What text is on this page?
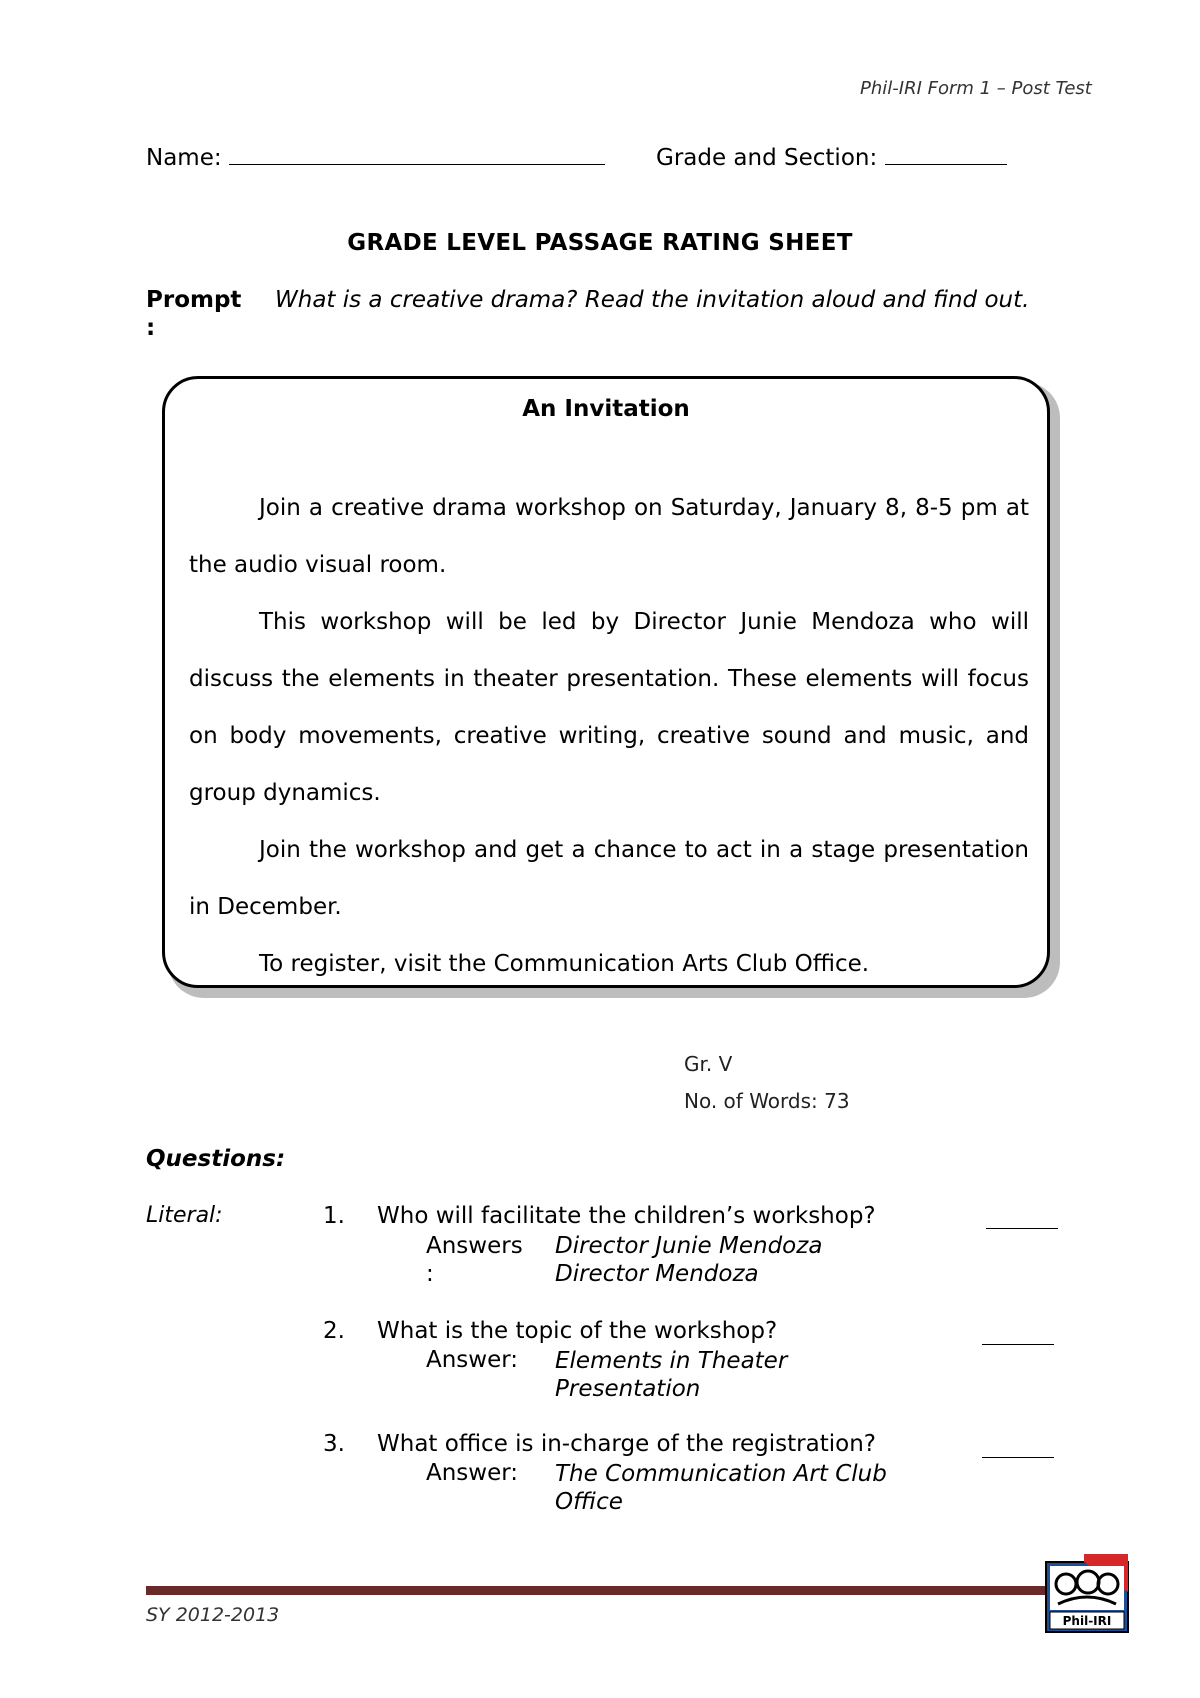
Phil-IRI Form 1 – Post Test
Name:	Grade and Section:
GRADE LEVEL PASSAGE RATING SHEET
Prompt :
What is a creative drama? Read the invitation aloud and find out.
An Invitation

Join a creative drama workshop on Saturday, January 8, 8-5 pm at the audio visual room.

This workshop will be led by Director Junie Mendoza who will discuss the elements in theater presentation. These elements will focus on body movements, creative writing, creative sound and music, and group dynamics.

Join the workshop and get a chance to act in a stage presentation in December.

To register, visit the Communication Arts Club Office.

Gr. V
No. of Words: 73
Questions:
Literal:	1. Who will facilitate the children’s workshop?
Answers :
Director Junie Mendoza
Director Mendoza
2. What is the topic of the workshop?
Answer: Elements in Theater Presentation
3. What office is in-charge of the registration?
Answer: The Communication Art Club Office
SY 2012-2013	Phil-IRI
